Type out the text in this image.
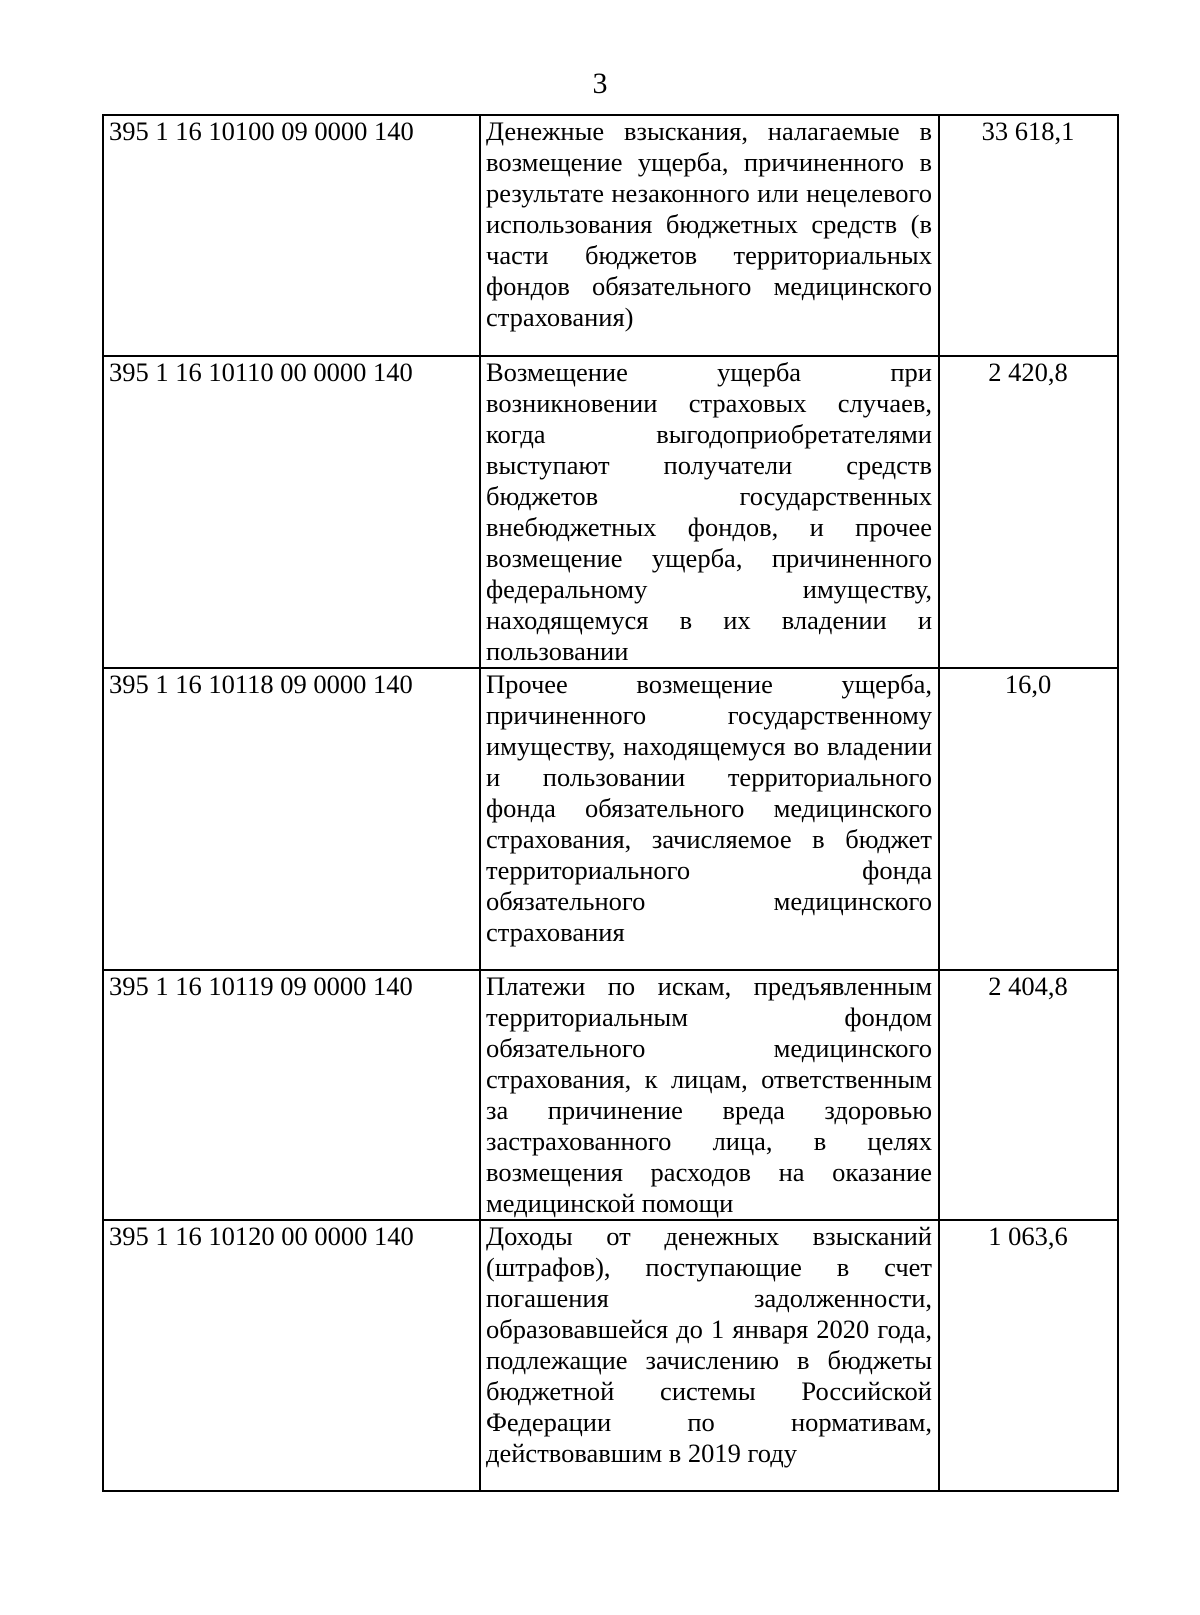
3
395 1 16 10100 09 0000 140	Денежные взыскания, налагаемые в возмещение ущерба, причиненного в результате незаконного или нецелевого использования бюджетных средств (в части бюджетов территориальных фондов обязательного медицинского страхования)	33 618,1
395 1 16 10110 00 0000 140	Возмещение ущерба при возникновении страховых случаев, когда выгодоприобретателями выступают получатели средств бюджетов государственных внебюджетных фондов, и прочее возмещение ущерба, причиненного федеральному имуществу, находящемуся в их владении и пользовании	2 420,8
395 1 16 10118 09 0000 140	Прочее возмещение ущерба, причиненного государственному имуществу, находящемуся во владении и пользовании территориального фонда обязательного медицинского страхования, зачисляемое в бюджет территориального фонда обязательного медицинского страхования	16,0
395 1 16 10119 09 0000 140	Платежи по искам, предъявленным территориальным фондом обязательного медицинского страхования, к лицам, ответственным за причинение вреда здоровью застрахованного лица, в целях возмещения расходов на оказание медицинской помощи	2 404,8
395 1 16 10120 00 0000 140	Доходы от денежных взысканий (штрафов), поступающие в счет погашения задолженности, образовавшейся до 1 января 2020 года, подлежащие зачислению в бюджеты бюджетной системы Российской Федерации по нормативам, действовавшим в 2019 году	1 063,6
